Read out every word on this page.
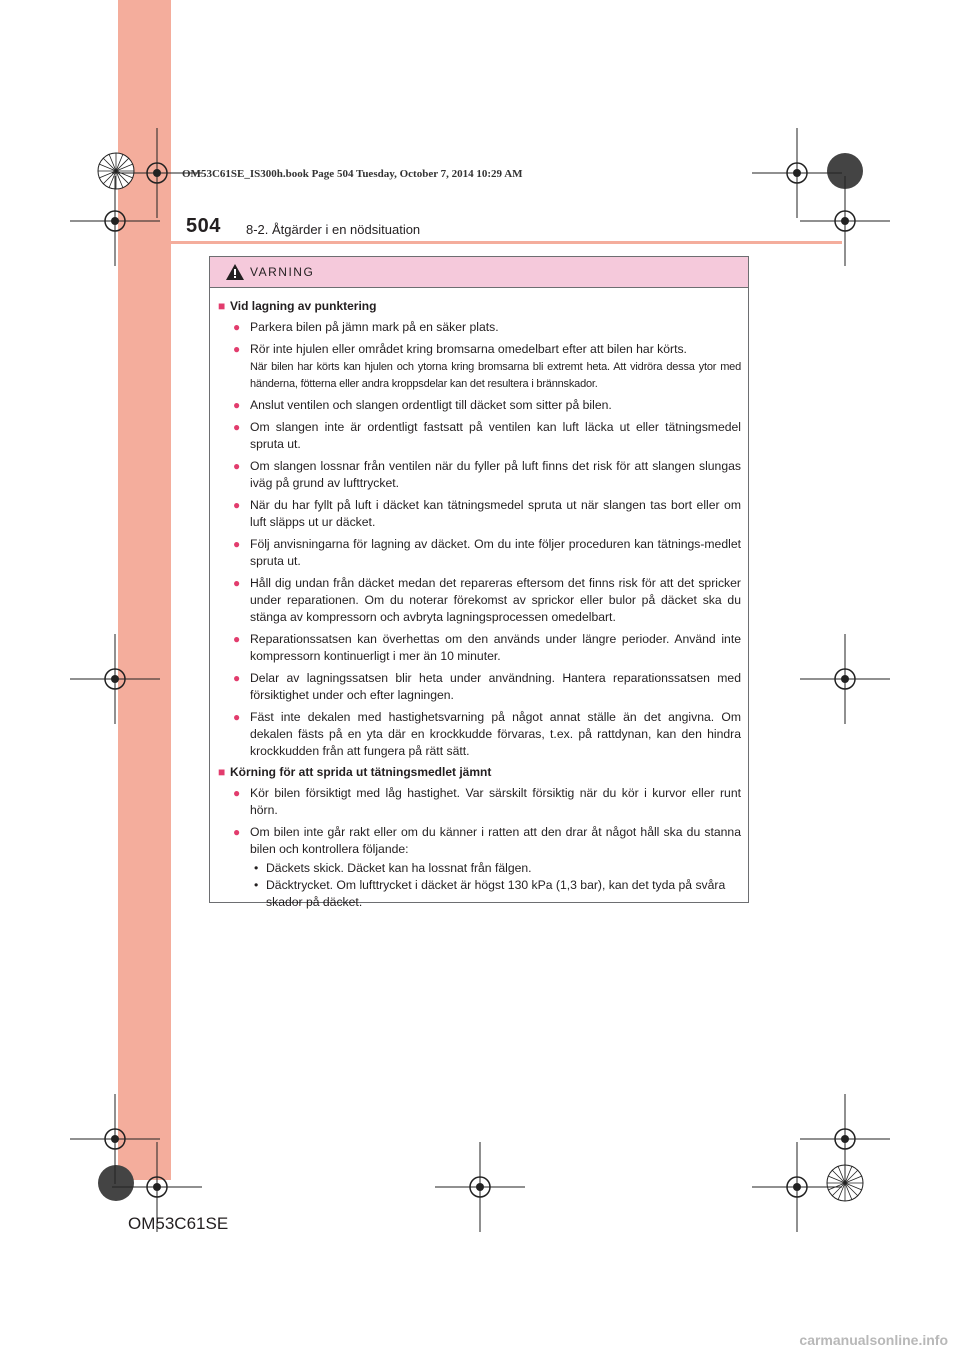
OM53C61SE_IS300h.book Page 504 Tuesday, October 7, 2014 10:29 AM
504 8-2. Åtgärder i en nödsituation
VARNING
■ Vid lagning av punktering
● Parkera bilen på jämn mark på en säker plats.
● Rör inte hjulen eller området kring bromsarna omedelbart efter att bilen har körts.
När bilen har körts kan hjulen och ytorna kring bromsarna bli extremt heta. Att vidröra dessa ytor med händerna, fötterna eller andra kroppsdelar kan det resultera i brännskador.
● Anslut ventilen och slangen ordentligt till däcket som sitter på bilen.
● Om slangen inte är ordentligt fastsatt på ventilen kan luft läcka ut eller tätningsmedel spruta ut.
● Om slangen lossnar från ventilen när du fyller på luft finns det risk för att slangen slungas iväg på grund av lufttrycket.
● När du har fyllt på luft i däcket kan tätningsmedel spruta ut när slangen tas bort eller om luft släpps ut ur däcket.
● Följ anvisningarna för lagning av däcket. Om du inte följer proceduren kan tätnings-medlet spruta ut.
● Håll dig undan från däcket medan det repareras eftersom det finns risk för att det spricker under reparationen. Om du noterar förekomst av sprickor eller bulor på däcket ska du stänga av kompressorn och avbryta lagningsprocessen omedelbart.
● Reparationssatsen kan överhettas om den används under längre perioder. Använd inte kompressorn kontinuerligt i mer än 10 minuter.
● Delar av lagningssatsen blir heta under användning. Hantera reparationssatsen med försiktighet under och efter lagningen.
● Fäst inte dekalen med hastighetsvarning på något annat ställe än det angivna. Om dekalen fästs på en yta där en krockkudde förvaras, t.ex. på rattdynan, kan den hindra krockkudden från att fungera på rätt sätt.
■ Körning för att sprida ut tätningsmedlet jämnt
● Kör bilen försiktigt med låg hastighet. Var särskilt försiktig när du kör i kurvor eller runt hörn.
● Om bilen inte går rakt eller om du känner i ratten att den drar åt något håll ska du stanna bilen och kontrollera följande:
• Däckets skick. Däcket kan ha lossnat från fälgen.
• Däcktrycket. Om lufttrycket i däcket är högst 130 kPa (1,3 bar), kan det tyda på svåra skador på däcket.
OM53C61SE
carmanualsonline.info
